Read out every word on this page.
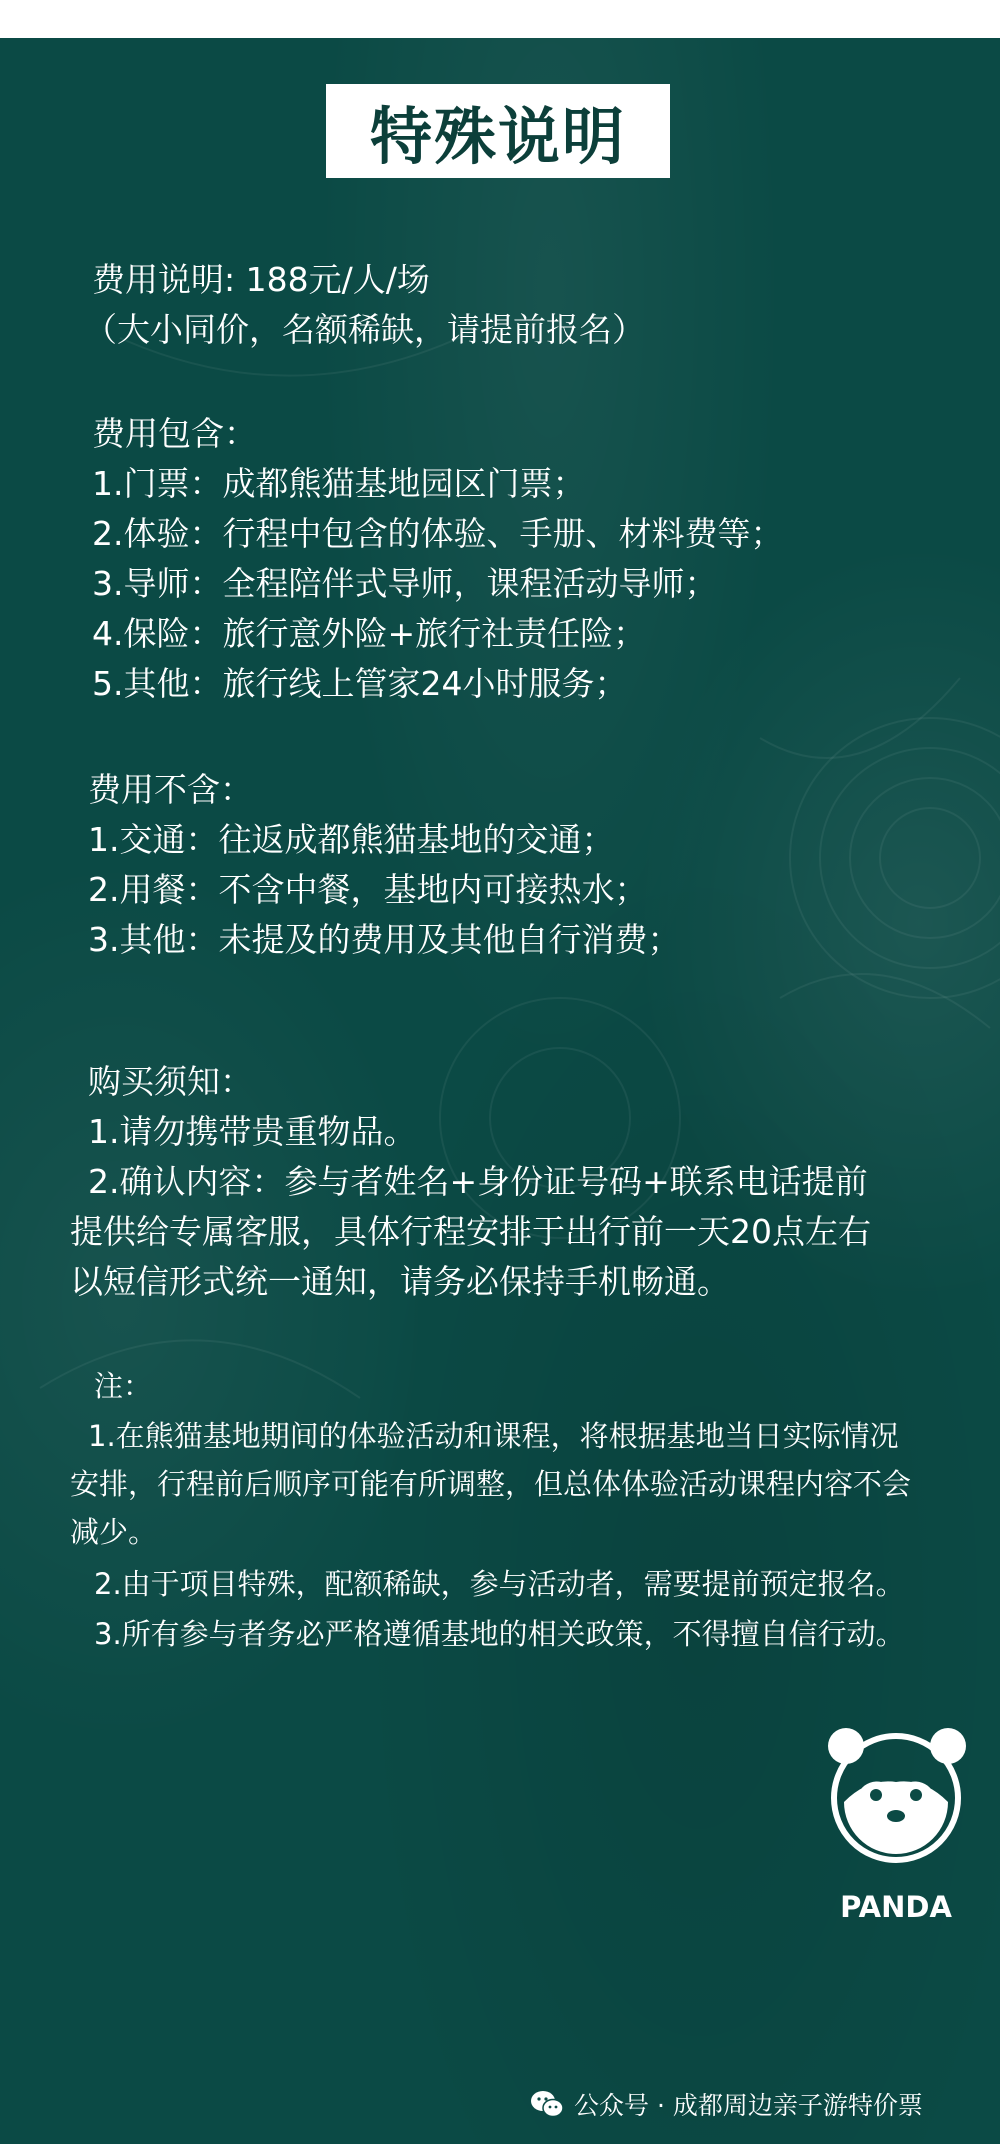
特殊说明
费用说明: 188元/人/场
（大小同价，名额稀缺，请提前报名）
费用包含：
1.门票：成都熊猫基地园区门票；
2.体验：行程中包含的体验、手册、材料费等；
3.导师：全程陪伴式导师，课程活动导师；
4.保险：旅行意外险+旅行社责任险；
5.其他：旅行线上管家24小时服务；
费用不含：
1.交通：往返成都熊猫基地的交通；
2.用餐：不含中餐，基地内可接热水；
3.其他：未提及的费用及其他自行消费；
购买须知：
1.请勿携带贵重物品。
2.确认内容：参与者姓名+身份证号码+联系电话提前
提供给专属客服，具体行程安排于出行前一天20点左右
以短信形式统一通知，请务必保持手机畅通。
注：
1.在熊猫基地期间的体验活动和课程，将根据基地当日实际情况
安排，行程前后顺序可能有所调整，但总体体验活动课程内容不会
减少。
2.由于项目特殊，配额稀缺，参与活动者，需要提前预定报名。
3.所有参与者务必严格遵循基地的相关政策，不得擅自信行动。
PANDA
公众号 · 成都周边亲子游特价票
